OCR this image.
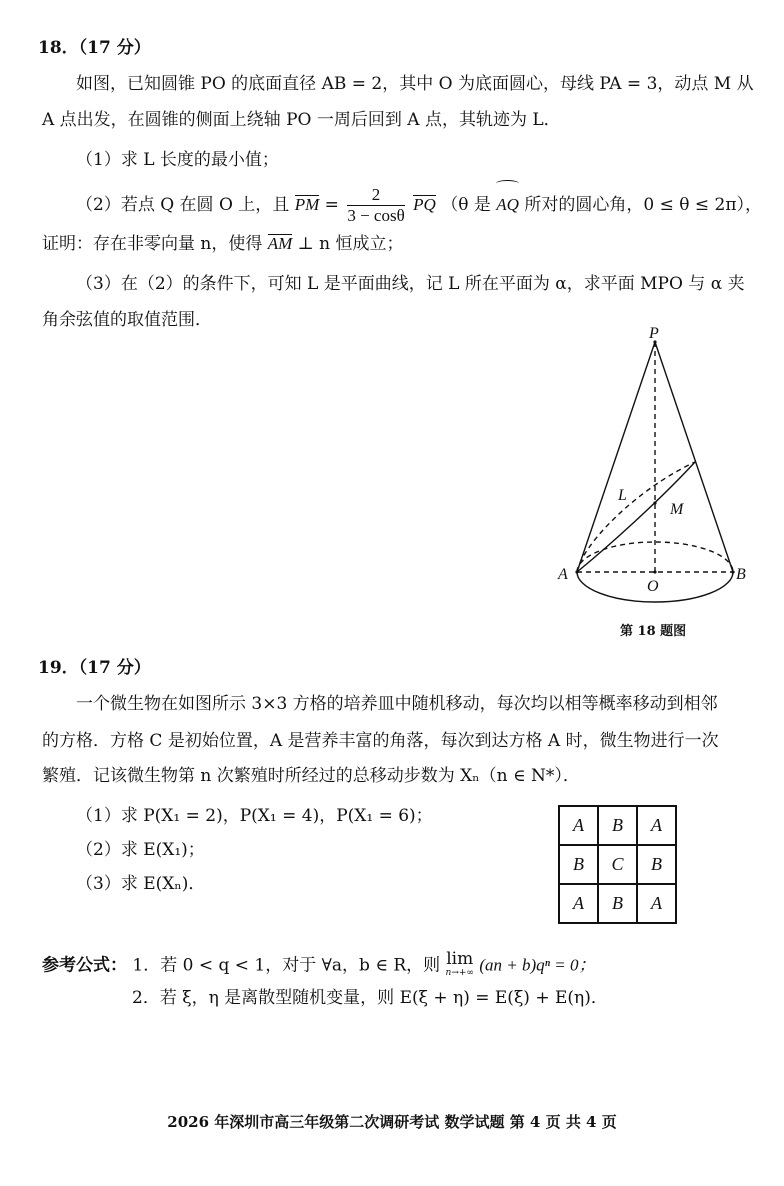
18．（17 分）
如图，已知圆锥 PO 的底面直径 AB = 2，其中 O 为底面圆心，母线 PA = 3，动点 M 从
A 点出发，在圆锥的侧面上绕轴 PO 一周后回到 A 点，其轨迹为 L．
（1）求 L 长度的最小值；
（2）若点 Q 在圆 O 上，且 PM = $\frac{2}{3 - \cos\theta}$ PQ （θ 是 AQ 所对的圆心角，0 ≤ θ ≤ 2π），
证明：存在非零向量 n，使得 AM ⊥ n 恒成立；
（3）在（2）的条件下，可知 L 是平面曲线，记 L 所在平面为 α，求平面 MPO 与 α 夹
角余弦值的取值范围．
P
L
M
A
O
B
第 18 题图
19．（17 分）
一个微生物在如图所示 3×3 方格的培养皿中随机移动，每次均以相等概率移动到相邻
的方格．方格 C 是初始位置，A 是营养丰富的角落，每次到达方格 A 时，微生物进行一次
繁殖．记该微生物第 n 次繁殖时所经过的总移动步数为 Xₙ（n ∈ N*）．
（1）求 P(X₁ = 2)，P(X₁ = 4)，P(X₁ = 6)；
（2）求 E(X₁)；
（3）求 E(Xₙ)．
A	B	A
B	C	B
A	B	A
参考公式： 1．若 0 < q < 1，对于 ∀a，b ∈ R，则 lim
n→+∞ (an + b)qⁿ = 0；
2．若 ξ，η 是离散型随机变量，则 E(ξ + η) = E(ξ) + E(η)．
2026 年深圳市高三年级第二次调研考试 数学试题 第 4 页 共 4 页
